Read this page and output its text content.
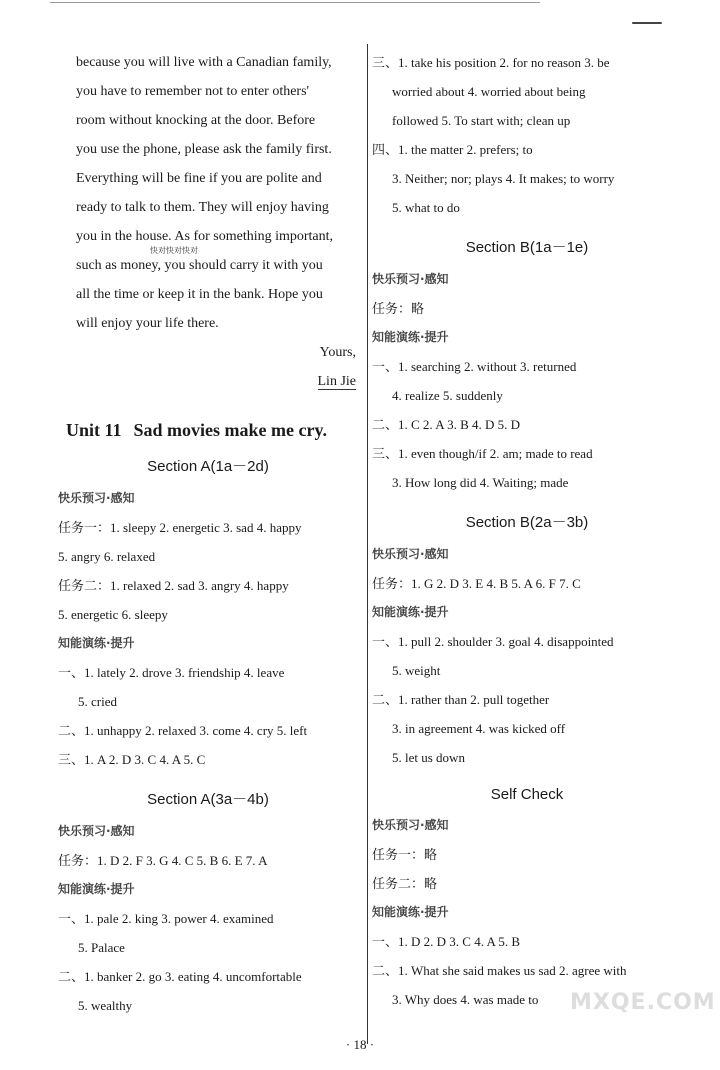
because you will live with a Canadian family,
you have to remember not to enter others'
room without knocking at the door. Before
you use the phone, please ask the family first.
Everything will be fine if you are polite and
ready to talk to them. They will enjoy having
you in the house. As for something important,
such as money, you should carry it with you
all the time or keep it in the bank. Hope you
will enjoy your life there.
Yours,
Lin Jie
Unit 11 Sad movies make me cry.
Section A(1a－2d)
快乐预习·感知
任务一：1. sleepy 2. energetic 3. sad 4. happy
5. angry 6. relaxed
任务二：1. relaxed 2. sad 3. angry 4. happy
5. energetic 6. sleepy
知能演练·提升
一、1. lately 2. drove 3. friendship 4. leave
5. cried
二、1. unhappy 2. relaxed 3. come 4. cry 5. left
三、1. A 2. D 3. C 4. A 5. C
Section A(3a－4b)
快乐预习·感知
任务：1. D 2. F 3. G 4. C 5. B 6. E 7. A
知能演练·提升
一、1. pale 2. king 3. power 4. examined
5. Palace
二、1. banker 2. go 3. eating 4. uncomfortable
5. wealthy
快对快对快对
三、1. take his position 2. for no reason 3. be
worried about 4. worried about being
followed 5. To start with; clean up
四、1. the matter 2. prefers; to
3. Neither; nor; plays 4. It makes; to worry
5. what to do
Section B(1a－1e)
快乐预习·感知
任务：略
知能演练·提升
一、1. searching 2. without 3. returned
4. realize 5. suddenly
二、1. C 2. A 3. B 4. D 5. D
三、1. even though/if 2. am; made to read
3. How long did 4. Waiting; made
Section B(2a－3b)
快乐预习·感知
任务：1. G 2. D 3. E 4. B 5. A 6. F 7. C
知能演练·提升
一、1. pull 2. shoulder 3. goal 4. disappointed
5. weight
二、1. rather than 2. pull together
3. in agreement 4. was kicked off
5. let us down
Self Check
快乐预习·感知
任务一：略
任务二：略
知能演练·提升
一、1. D 2. D 3. C 4. A 5. B
二、1. What she said makes us sad 2. agree with
3. Why does 4. was made to
· 18 ·
MXQE.COM
